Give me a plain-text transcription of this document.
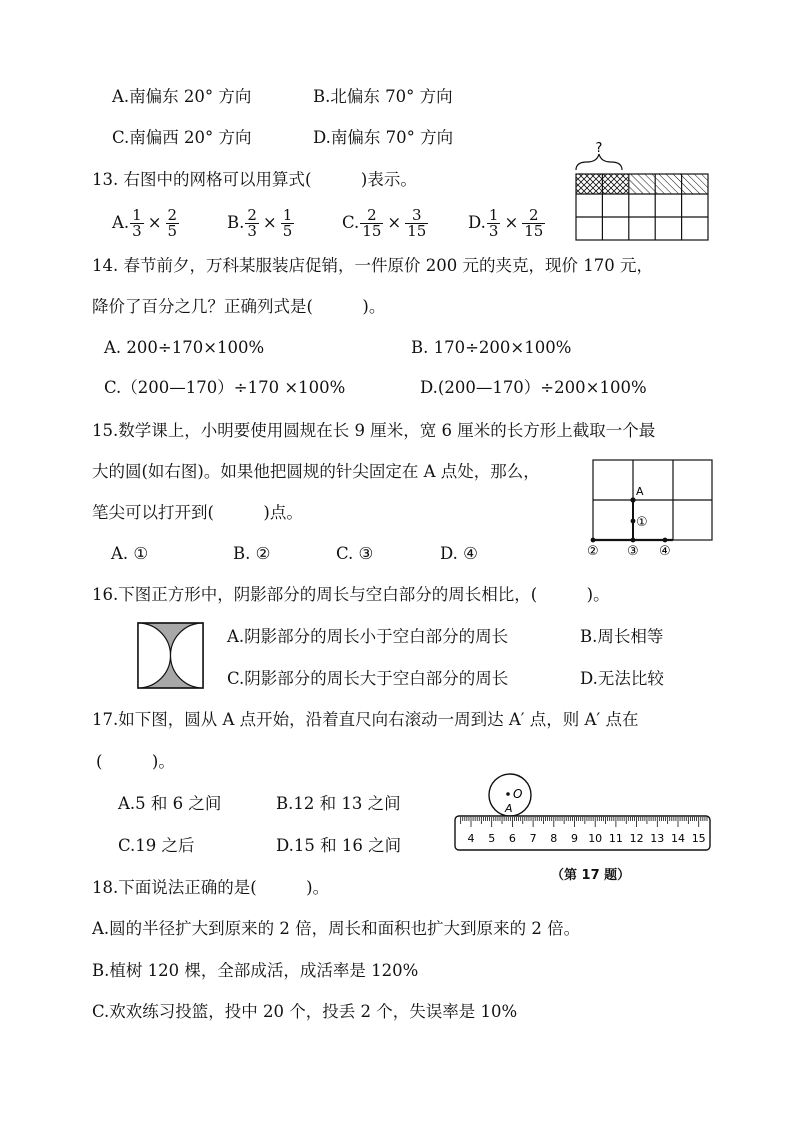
A.南偏东 20° 方向	B.北偏东 70° 方向
C.南偏西 20° 方向	D.南偏东 70° 方向
13. 右图中的网格可以用算式(　　　)表示。
A. $\frac{1}{3} \times \frac{2}{5}$	B. $\frac{2}{3} \times \frac{1}{5}$	C. $\frac{2}{15} \times \frac{3}{15} D$. $\frac{1}{3} \times \frac{2}{15}$
?
14. 春节前夕，万科某服装店促销，一件原价 200 元的夹克，现价 170 元，
降价了百分之几？正确列式是(　　　)。
A. 200÷170×100%	B. 170÷200×100%
C.（200—170）÷170 ×100%	D.(200—170）÷200×100%
15.数学课上，小明要使用圆规在长 9 厘米，宽 6 厘米的长方形上截取一个最
大的圆(如右图)。如果他把圆规的针尖固定在 A 点处，那么，
笔尖可以打开到(　　　)点。
A. ①	B. ②	C. ③	D. ④
A
①
② ③ ④
16.下图正方形中，阴影部分的周长与空白部分的周长相比，(　　　)。
A.阴影部分的周长小于空白部分的周长	B.周长相等
C.阴影部分的周长大于空白部分的周长	D.无法比较
17.如下图，圆从 A 点开始，沿着直尺向右滚动一周到达 A′ 点，则 A′ 点在
(　　　)。
A.5 和 6 之间	B.12 和 13 之间
C.19 之后	D.15 和 16 之间
O
A
4 5 6 7 8 9 10 11 12 13 14 15
（第 17 题）
18.下面说法正确的是(　　　)。
A.圆的半径扩大到原来的 2 倍，周长和面积也扩大到原来的 2 倍。
B.植树 120 棵，全部成活，成活率是 120%
C.欢欢练习投篮，投中 20 个，投丢 2 个，失误率是 10%
